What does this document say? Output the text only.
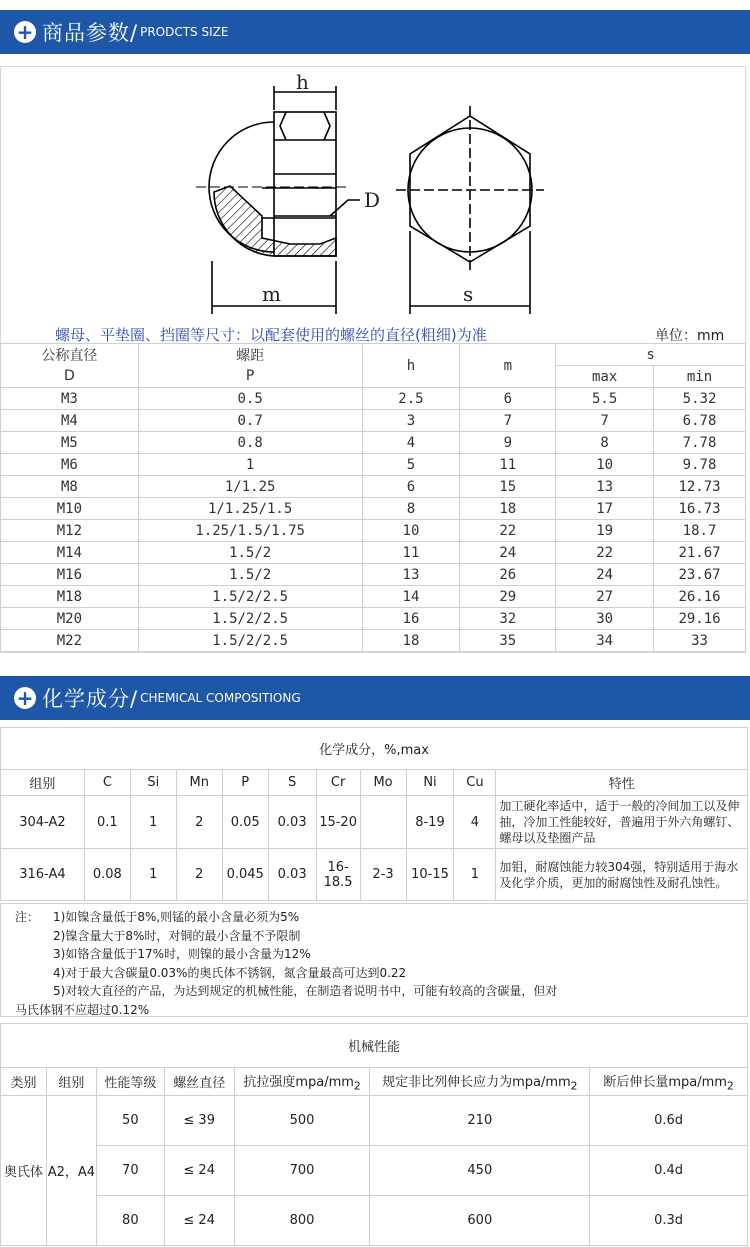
+ 商品参数/ PRODCTS SIZE
h
D
m	s
螺母、平垫圈、挡圈等尺寸：以配套使用的螺丝的直径(粗细)为准	单位：mm
公称直径
D	螺距
P	h	m	s	
				max	min
M3	0.5	2.5	6	5.5	5.32
M4	0.7	3	7	7	6.78
M5	0.8	4	9	8	7.78
M6	1	5	11	10	9.78
M8	1/1.25	6	15	13	12.73
M10	1/1.25/1.5	8	18	17	16.73
M12	1.25/1.5/1.75	10	22	19	18.7
M14	1.5/2	11	24	22	21.67
M16	1.5/2	13	26	24	23.67
M18	1.5/2/2.5	14	29	27	26.16
M20	1.5/2/2.5	16	32	30	29.16
M22	1.5/2/2.5	18	35	34	33
+ 化学成分/ CHEMICAL COMPOSITIONG
化学成分，%,max										
组别	C	Si	Mn	P	S	Cr	Mo	Ni	Cu	特性
304-A2	0.1	1	2	0.05	0.03	15-20		8-19	4	加工硬化率适中，适于一般的冷间加工以及伸抽，冷加工性能较好，普遍用于外六角螺钉、螺母以及垫圈产品
316-A4	0.08	1	2	0.045	0.03	16-18.5	2-3	10-15	1	加钼，耐腐蚀能力较304强，特别适用于海水及化学介质，更加的耐腐蚀性及耐孔蚀性。
注：	1)如镍含量低于8%,则锰的最小含量必须为5%
2)镍含量大于8%时，对铜的最小含量不予限制
3)如铬含量低于17%时，则镍的最小含量为12%
4)对于最大含碳量0.03%的奥氏体不锈钢，氮含量最高可达到0.22
5)对较大直径的产品，为达到规定的机械性能，在制造者说明书中，可能有较高的含碳量，但对
马氏体钢不应超过0.12%
机械性能						
类别	组别	性能等级	螺丝直径	抗拉强度mpa/$mm_2$	规定非比列伸长应力为mpa/$mm_2$	断后伸长量mpa/$mm_2$
奥氏体	A2，A4	50	≤ 39	500	210	0.6d
		70	≤ 24	700	450	0.4d
		80	≤ 24	800	600	0.3d
